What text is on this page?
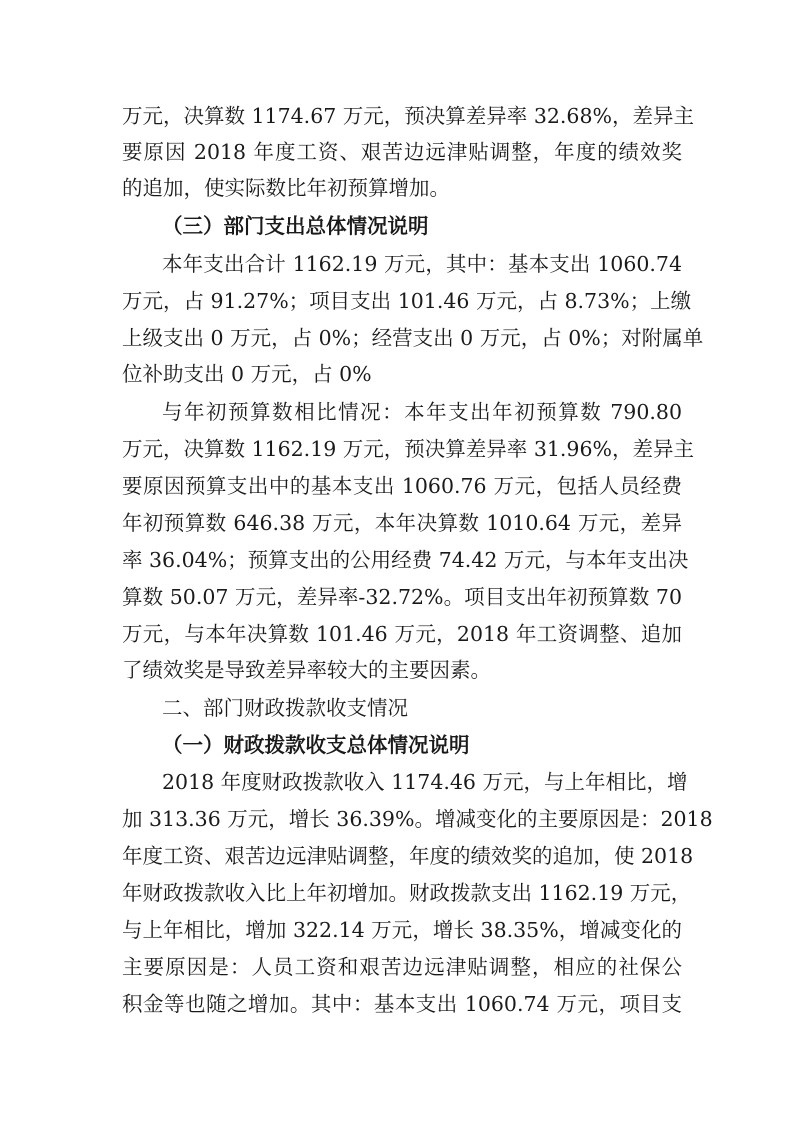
万元，决算数 1174.67 万元，预决算差异率 32.68%，差异主
要原因 2018 年度工资、艰苦边远津贴调整，年度的绩效奖
的追加，使实际数比年初预算增加。
（三）部门支出总体情况说明
本年支出合计 1162.19 万元，其中：基本支出 1060.74
万元，占 91.27%；项目支出 101.46 万元，占 8.73%；上缴
上级支出 0 万元，占 0%；经营支出 0 万元，占 0%；对附属单
位补助支出 0 万元，占 0%
与年初预算数相比情况：本年支出年初预算数 790.80
万元，决算数 1162.19 万元，预决算差异率 31.96%，差异主
要原因预算支出中的基本支出 1060.76 万元，包括人员经费
年初预算数 646.38 万元，本年决算数 1010.64 万元，差异
率 36.04%；预算支出的公用经费 74.42 万元，与本年支出决
算数 50.07 万元，差异率-32.72%。项目支出年初预算数 70
万元，与本年决算数 101.46 万元，2018 年工资调整、追加
了绩效奖是导致差异率较大的主要因素。
二、部门财政拨款收支情况
（一）财政拨款收支总体情况说明
2018 年度财政拨款收入 1174.46 万元，与上年相比，增
加 313.36 万元，增长 36.39%。增减变化的主要原因是：2018
年度工资、艰苦边远津贴调整，年度的绩效奖的追加，使 2018
年财政拨款收入比上年初增加。财政拨款支出 1162.19 万元，
与上年相比，增加 322.14 万元，增长 38.35%，增减变化的
主要原因是：人员工资和艰苦边远津贴调整，相应的社保公
积金等也随之增加。其中：基本支出 1060.74 万元，项目支
